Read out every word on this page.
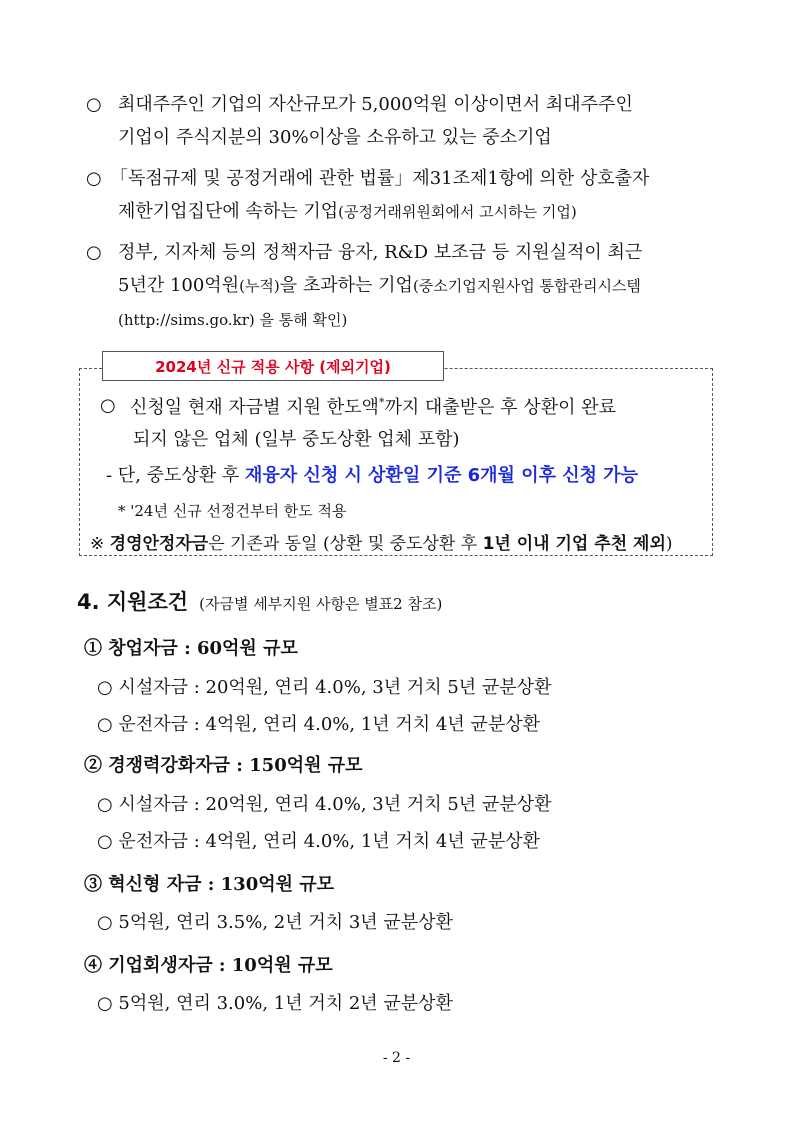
○ 최대주주인 기업의 자산규모가 5,000억원 이상이면서 최대주주인
기업이 주식지분의 30%이상을 소유하고 있는 중소기업
○ 「독점규제 및 공정거래에 관한 법률」제31조제1항에 의한 상호출자
제한기업집단에 속하는 기업(공정거래위원회에서 고시하는 기업)
○ 정부, 지자체 등의 정책자금 융자, R&D 보조금 등 지원실적이 최근
5년간 100억원(누적)을 초과하는 기업(중소기업지원사업 통합관리시스템
(http://sims.go.kr) 을 통해 확인)
2024년 신규 적용 사항 (제외기업)
○ 신청일 현재 자금별 지원 한도액*까지 대출받은 후 상환이 완료
되지 않은 업체 (일부 중도상환 업체 포함)
- 단, 중도상환 후 재융자 신청 시 상환일 기준 6개월 이후 신청 가능
* '24년 신규 선정건부터 한도 적용
※ 경영안정자금은 기존과 동일 (상환 및 중도상환 후 1년 이내 기업 추천 제외)
4. 지원조건 (자금별 세부지원 사항은 별표2 참조)
① 창업자금 : 60억원 규모
○ 시설자금 : 20억원, 연리 4.0%, 3년 거치 5년 균분상환
○ 운전자금 : 4억원, 연리 4.0%, 1년 거치 4년 균분상환
② 경쟁력강화자금 : 150억원 규모
○ 시설자금 : 20억원, 연리 4.0%, 3년 거치 5년 균분상환
○ 운전자금 : 4억원, 연리 4.0%, 1년 거치 4년 균분상환
③ 혁신형 자금 : 130억원 규모
○ 5억원, 연리 3.5%, 2년 거치 3년 균분상환
④ 기업회생자금 : 10억원 규모
○ 5억원, 연리 3.0%, 1년 거치 2년 균분상환
- 2 -
